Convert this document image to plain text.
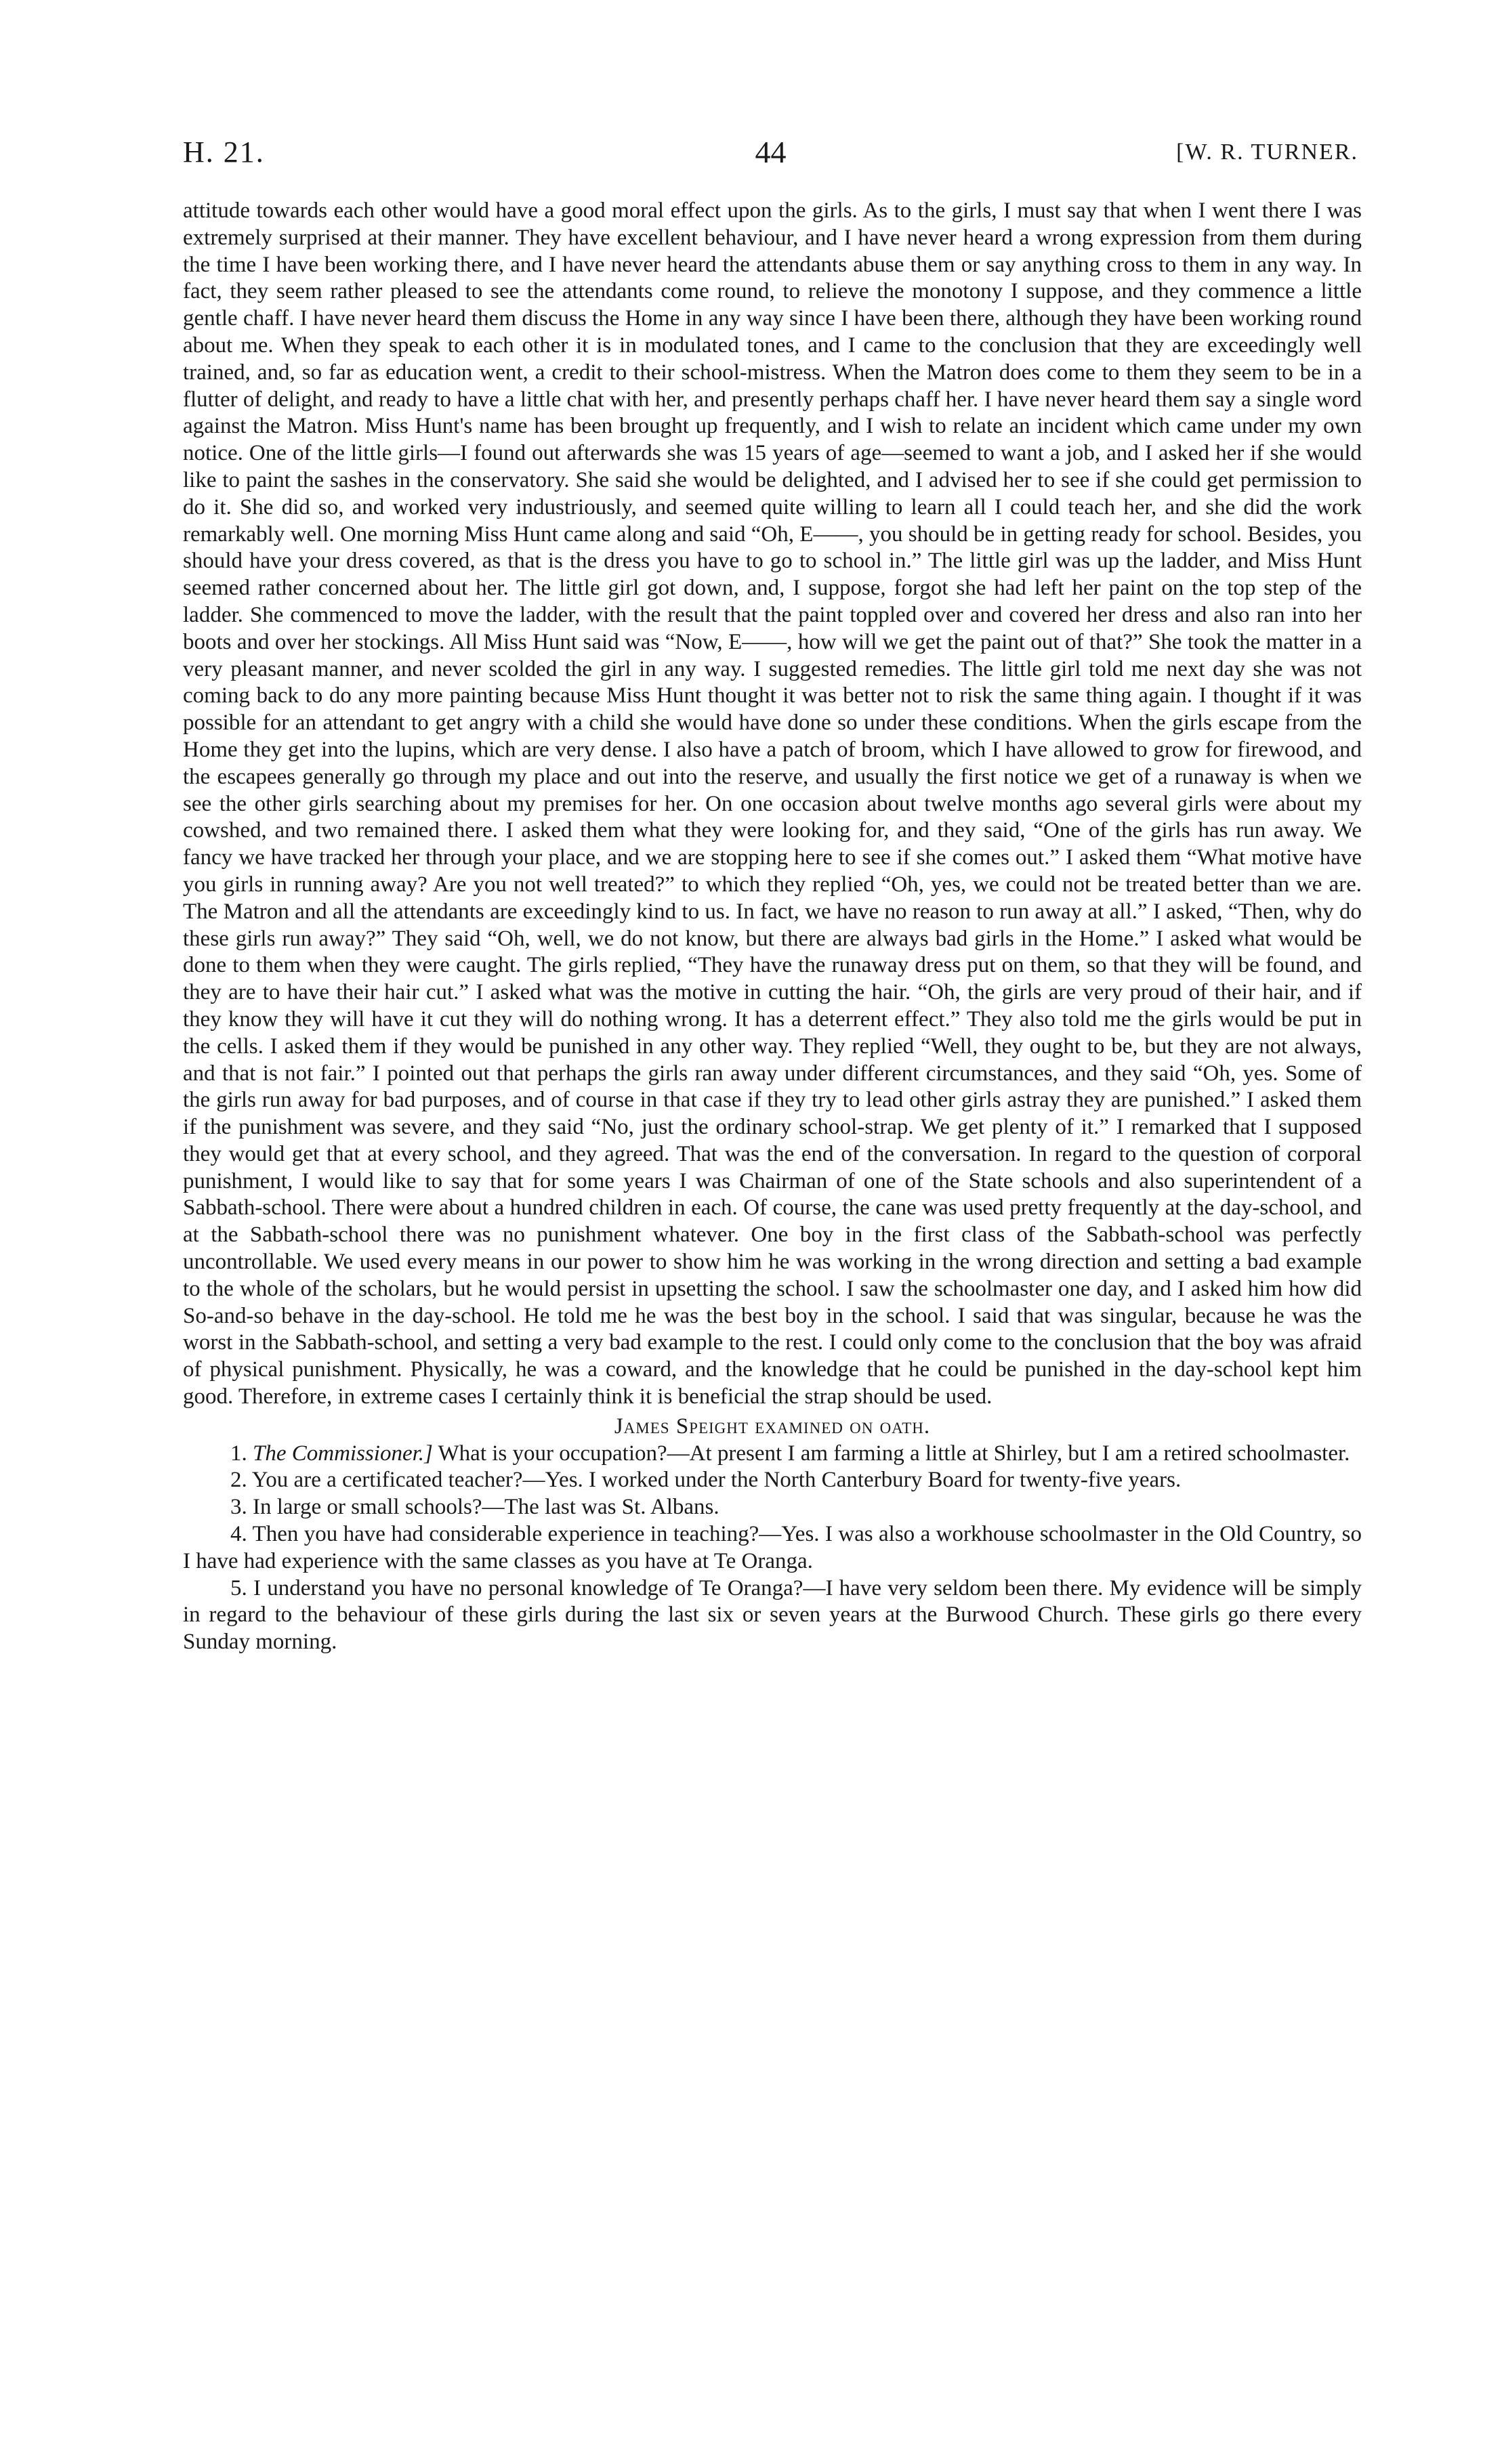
H. 21.	44	[W. R. TURNER.

attitude towards each other would have a good moral effect upon the girls. As to the girls, I must say that when I went there I was extremely surprised at their manner. They have excellent behaviour, and I have never heard a wrong expression from them during the time I have been working there, and I have never heard the attendants abuse them or say anything cross to them in any way. In fact, they seem rather pleased to see the attendants come round, to relieve the monotony I suppose, and they commence a little gentle chaff. I have never heard them discuss the Home in any way since I have been there, although they have been working round about me. When they speak to each other it is in modulated tones, and I came to the conclusion that they are exceedingly well trained, and, so far as education went, a credit to their school-mistress. When the Matron does come to them they seem to be in a flutter of delight, and ready to have a little chat with her, and presently perhaps chaff her. I have never heard them say a single word against the Matron. Miss Hunt's name has been brought up frequently, and I wish to relate an incident which came under my own notice. One of the little girls—I found out afterwards she was 15 years of age—seemed to want a job, and I asked her if she would like to paint the sashes in the conservatory. She said she would be delighted, and I advised her to see if she could get permission to do it. She did so, and worked very industriously, and seemed quite willing to learn all I could teach her, and she did the work remarkably well. One morning Miss Hunt came along and said “Oh, E——, you should be in getting ready for school. Besides, you should have your dress covered, as that is the dress you have to go to school in.” The little girl was up the ladder, and Miss Hunt seemed rather concerned about her. The little girl got down, and, I suppose, forgot she had left her paint on the top step of the ladder. She commenced to move the ladder, with the result that the paint toppled over and covered her dress and also ran into her boots and over her stockings. All Miss Hunt said was “Now, E——, how will we get the paint out of that?” She took the matter in a very pleasant manner, and never scolded the girl in any way. I suggested remedies. The little girl told me next day she was not coming back to do any more painting because Miss Hunt thought it was better not to risk the same thing again. I thought if it was possible for an attendant to get angry with a child she would have done so under these conditions. When the girls escape from the Home they get into the lupins, which are very dense. I also have a patch of broom, which I have allowed to grow for firewood, and the escapees generally go through my place and out into the reserve, and usually the first notice we get of a runaway is when we see the other girls searching about my premises for her. On one occasion about twelve months ago several girls were about my cowshed, and two remained there. I asked them what they were looking for, and they said, “One of the girls has run away. We fancy we have tracked her through your place, and we are stopping here to see if she comes out.” I asked them “What motive have you girls in running away? Are you not well treated?” to which they replied “Oh, yes, we could not be treated better than we are. The Matron and all the attendants are exceedingly kind to us. In fact, we have no reason to run away at all.” I asked, “Then, why do these girls run away?” They said “Oh, well, we do not know, but there are always bad girls in the Home.” I asked what would be done to them when they were caught. The girls replied, “They have the runaway dress put on them, so that they will be found, and they are to have their hair cut.” I asked what was the motive in cutting the hair. “Oh, the girls are very proud of their hair, and if they know they will have it cut they will do nothing wrong. It has a deterrent effect.” They also told me the girls would be put in the cells. I asked them if they would be punished in any other way. They replied “Well, they ought to be, but they are not always, and that is not fair.” I pointed out that perhaps the girls ran away under different circumstances, and they said “Oh, yes. Some of the girls run away for bad purposes, and of course in that case if they try to lead other girls astray they are punished.” I asked them if the punishment was severe, and they said “No, just the ordinary school-strap. We get plenty of it.” I remarked that I supposed they would get that at every school, and they agreed. That was the end of the conversation. In regard to the question of corporal punishment, I would like to say that for some years I was Chairman of one of the State schools and also superintendent of a Sabbath-school. There were about a hundred children in each. Of course, the cane was used pretty frequently at the day-school, and at the Sabbath-school there was no punishment whatever. One boy in the first class of the Sabbath-school was perfectly uncontrollable. We used every means in our power to show him he was working in the wrong direction and setting a bad example to the whole of the scholars, but he would persist in upsetting the school. I saw the schoolmaster one day, and I asked him how did So-and-so behave in the day-school. He told me he was the best boy in the school. I said that was singular, because he was the worst in the Sabbath-school, and setting a very bad example to the rest. I could only come to the conclusion that the boy was afraid of physical punishment. Physically, he was a coward, and the knowledge that he could be punished in the day-school kept him good. Therefore, in extreme cases I certainly think it is beneficial the strap should be used.

James Speight examined on oath.

1. The Commissioner.] What is your occupation?—At present I am farming a little at Shirley, but I am a retired schoolmaster.

2. You are a certificated teacher?—Yes. I worked under the North Canterbury Board for twenty-five years.

3. In large or small schools?—The last was St. Albans.

4. Then you have had considerable experience in teaching?—Yes. I was also a workhouse schoolmaster in the Old Country, so I have had experience with the same classes as you have at Te Oranga.

5. I understand you have no personal knowledge of Te Oranga?—I have very seldom been there. My evidence will be simply in regard to the behaviour of these girls during the last six or seven years at the Burwood Church. These girls go there every Sunday morning.
